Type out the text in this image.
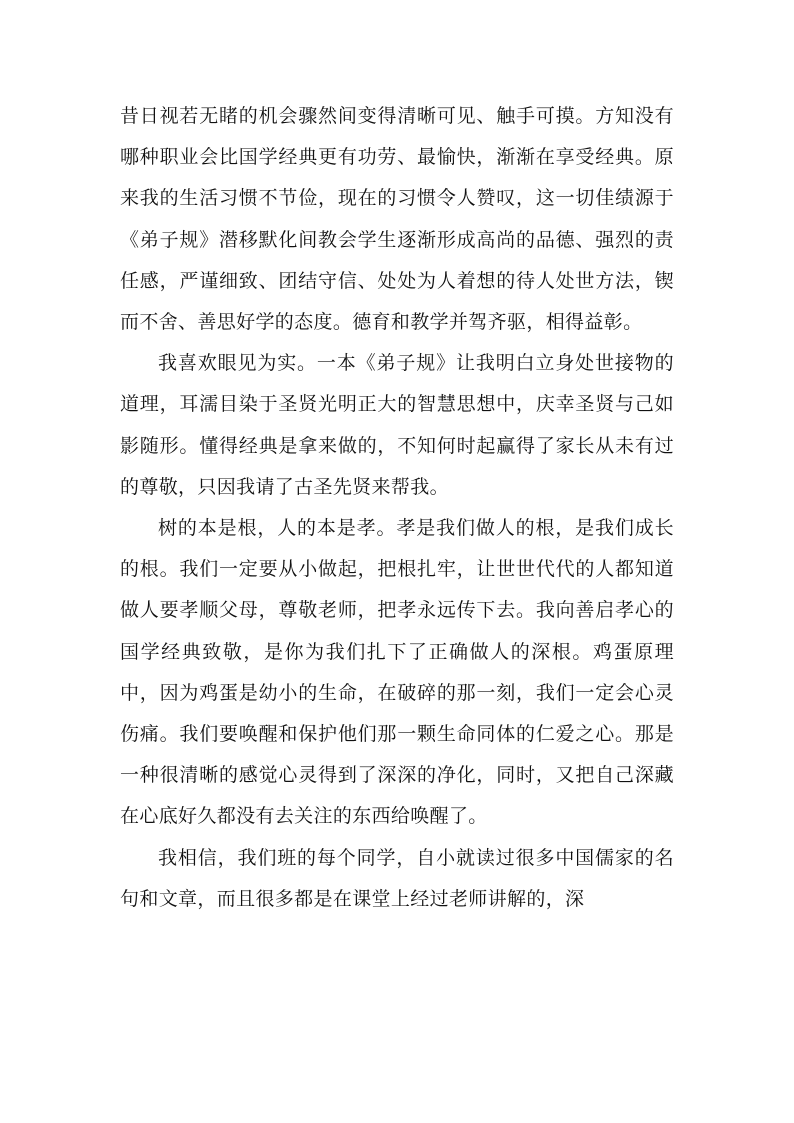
昔日视若无睹的机会骤然间变得清晰可见、触手可摸。方知没有哪种职业会比国学经典更有功劳、最愉快，渐渐在享受经典。原来我的生活习惯不节俭，现在的习惯令人赞叹，这一切佳绩源于《弟子规》潜移默化间教会学生逐渐形成高尚的品德、强烈的责任感，严谨细致、团结守信、处处为人着想的待人处世方法，锲而不舍、善思好学的态度。德育和教学并驾齐驱，相得益彰。

我喜欢眼见为实。一本《弟子规》让我明白立身处世接物的道理，耳濡目染于圣贤光明正大的智慧思想中，庆幸圣贤与己如影随形。懂得经典是拿来做的，不知何时起赢得了家长从未有过的尊敬，只因我请了古圣先贤来帮我。

树的本是根，人的本是孝。孝是我们做人的根，是我们成长的根。我们一定要从小做起，把根扎牢，让世世代代的人都知道做人要孝顺父母，尊敬老师，把孝永远传下去。我向善启孝心的国学经典致敬，是你为我们扎下了正确做人的深根。鸡蛋原理中，因为鸡蛋是幼小的生命，在破碎的那一刻，我们一定会心灵伤痛。我们要唤醒和保护他们那一颗生命同体的仁爱之心。那是一种很清晰的感觉心灵得到了深深的净化，同时，又把自己深藏在心底好久都没有去关注的东西给唤醒了。

我相信，我们班的每个同学，自小就读过很多中国儒家的名句和文章，而且很多都是在课堂上经过老师讲解的，深
